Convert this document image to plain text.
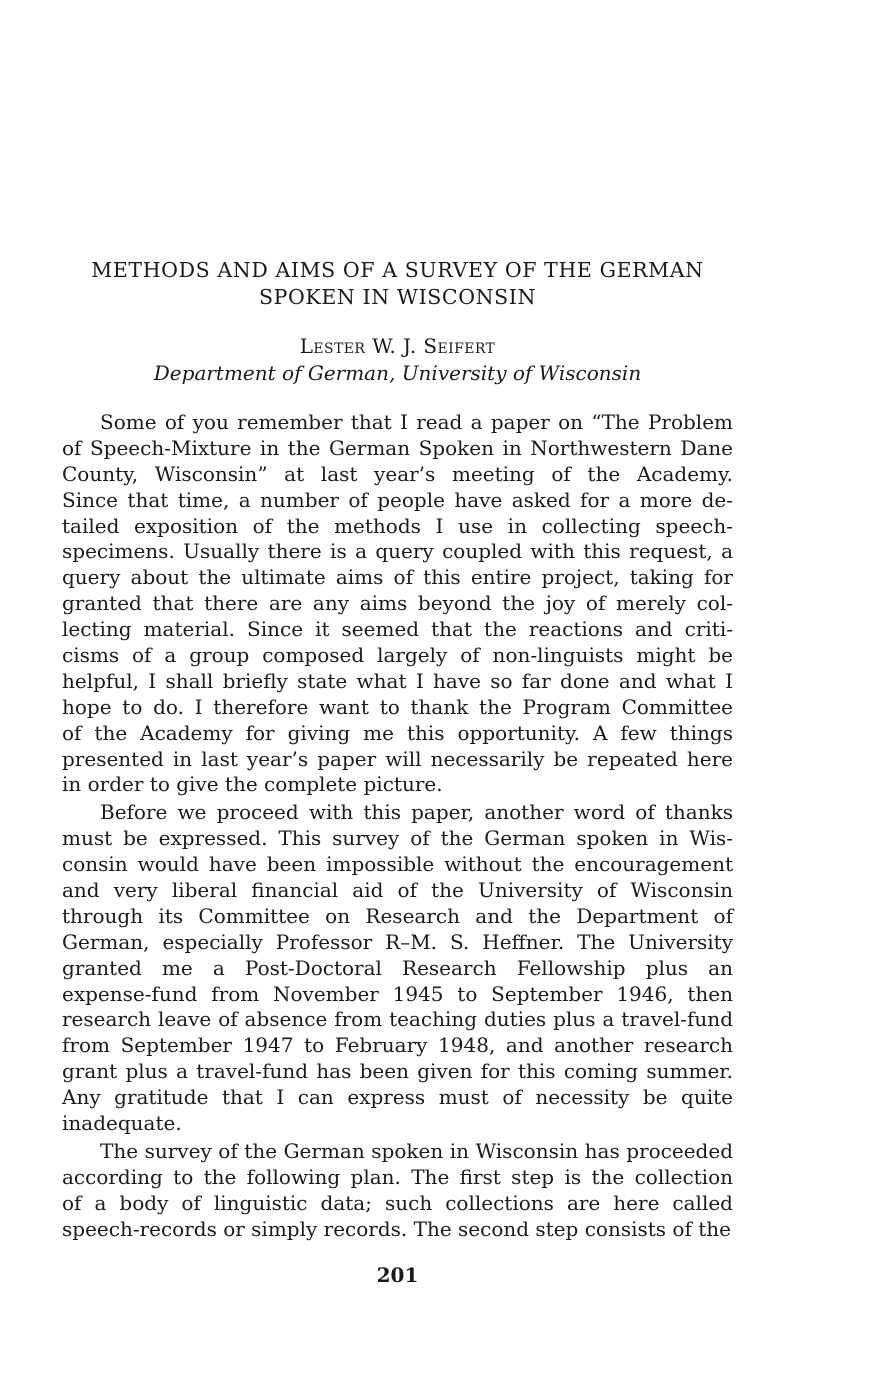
METHODS AND AIMS OF A SURVEY OF THE GERMAN
SPOKEN IN WISCONSIN
Lester W. J. Seifert
Department of German, University of Wisconsin
Some of you remember that I read a paper on “The Problem
of Speech-Mixture in the German Spoken in Northwestern Dane
County, Wisconsin” at last year’s meeting of the Academy.
Since that time, a number of people have asked for a more de-
tailed exposition of the methods I use in collecting speech-
specimens. Usually there is a query coupled with this request, a
query about the ultimate aims of this entire project, taking for
granted that there are any aims beyond the joy of merely col-
lecting material. Since it seemed that the reactions and criti-
cisms of a group composed largely of non-linguists might be
helpful, I shall briefly state what I have so far done and what I
hope to do. I therefore want to thank the Program Committee
of the Academy for giving me this opportunity. A few things
presented in last year’s paper will necessarily be repeated here
in order to give the complete picture.
Before we proceed with this paper, another word of thanks
must be expressed. This survey of the German spoken in Wis-
consin would have been impossible without the encouragement
and very liberal financial aid of the University of Wisconsin
through its Committee on Research and the Department of
German, especially Professor R–M. S. Heffner. The University
granted me a Post-Doctoral Research Fellowship plus an
expense-fund from November 1945 to September 1946, then
research leave of absence from teaching duties plus a travel-fund
from September 1947 to February 1948, and another research
grant plus a travel-fund has been given for this coming summer.
Any gratitude that I can express must of necessity be quite
inadequate.
The survey of the German spoken in Wisconsin has proceeded
according to the following plan. The first step is the collection
of a body of linguistic data; such collections are here called
speech-records or simply records. The second step consists of the
201
